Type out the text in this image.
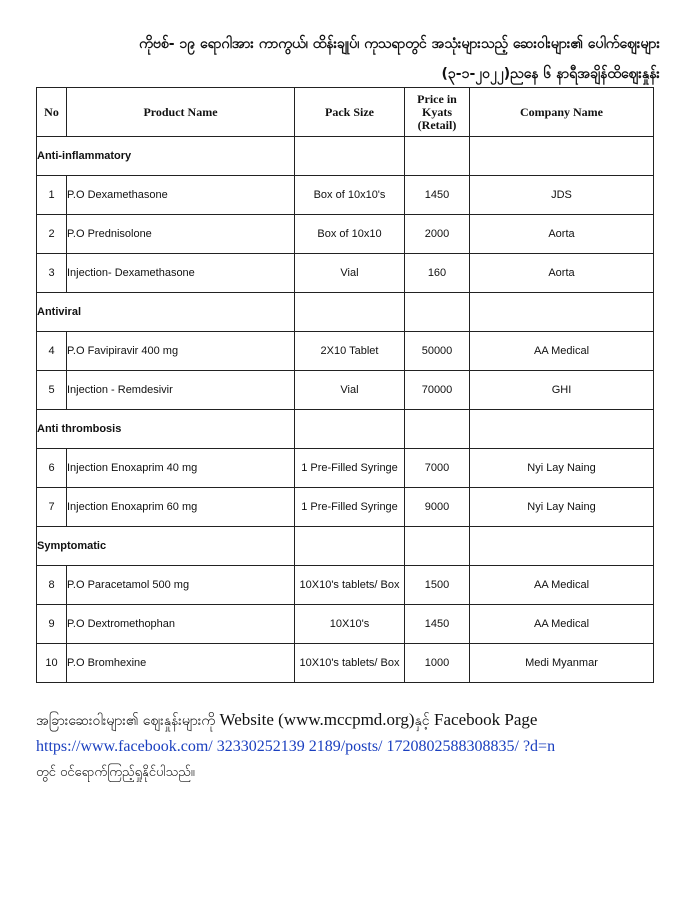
ကိုဗစ်- ၁၉ ရောဂါအား ကာကွယ်၊ ထိန်းချုပ်၊ ကုသရာတွင် အသုံးများသည့် ဆေးဝါးများ၏ ပေါက်ဈေးများ
(၃-၁-၂၀၂၂)ညနေ ၆ နာရီအချိန်ထိဈေးနှုန်း
No	Product Name	Pack Size	Price in Kyats (Retail)	Company Name
Anti-inflammatory				
1	P.O Dexamethasone	Box of 10x10's	1450	JDS
2	P.O Prednisolone	Box of 10x10	2000	Aorta
3	Injection- Dexamethasone	Vial	160	Aorta
Antiviral				
4	P.O Favipiravir 400 mg	2X10 Tablet	50000	AA Medical
5	Injection - Remdesivir	Vial	70000	GHI
Anti thrombosis				
6	Injection Enoxaprim 40 mg	1 Pre-Filled Syringe	7000	Nyi Lay Naing
7	Injection Enoxaprim 60 mg	1 Pre-Filled Syringe	9000	Nyi Lay Naing
Symptomatic				
8	P.O Paracetamol 500 mg	10X10's tablets/ Box	1500	AA Medical
9	P.O Dextromethophan	10X10's	1450	AA Medical
10	P.O Bromhexine	10X10's tablets/ Box	1000	Medi Myanmar
အခြားဆေးဝါးများ၏ ဈေးနှုန်းများကို Website (www.mccpmd.org)နှင့် Facebook Page
https://www.facebook.com/ 32330252139 2189/posts/ 1720802588308835/ ?d=n
တွင် ဝင်ရောက်ကြည့်ရှုနိုင်ပါသည်။
